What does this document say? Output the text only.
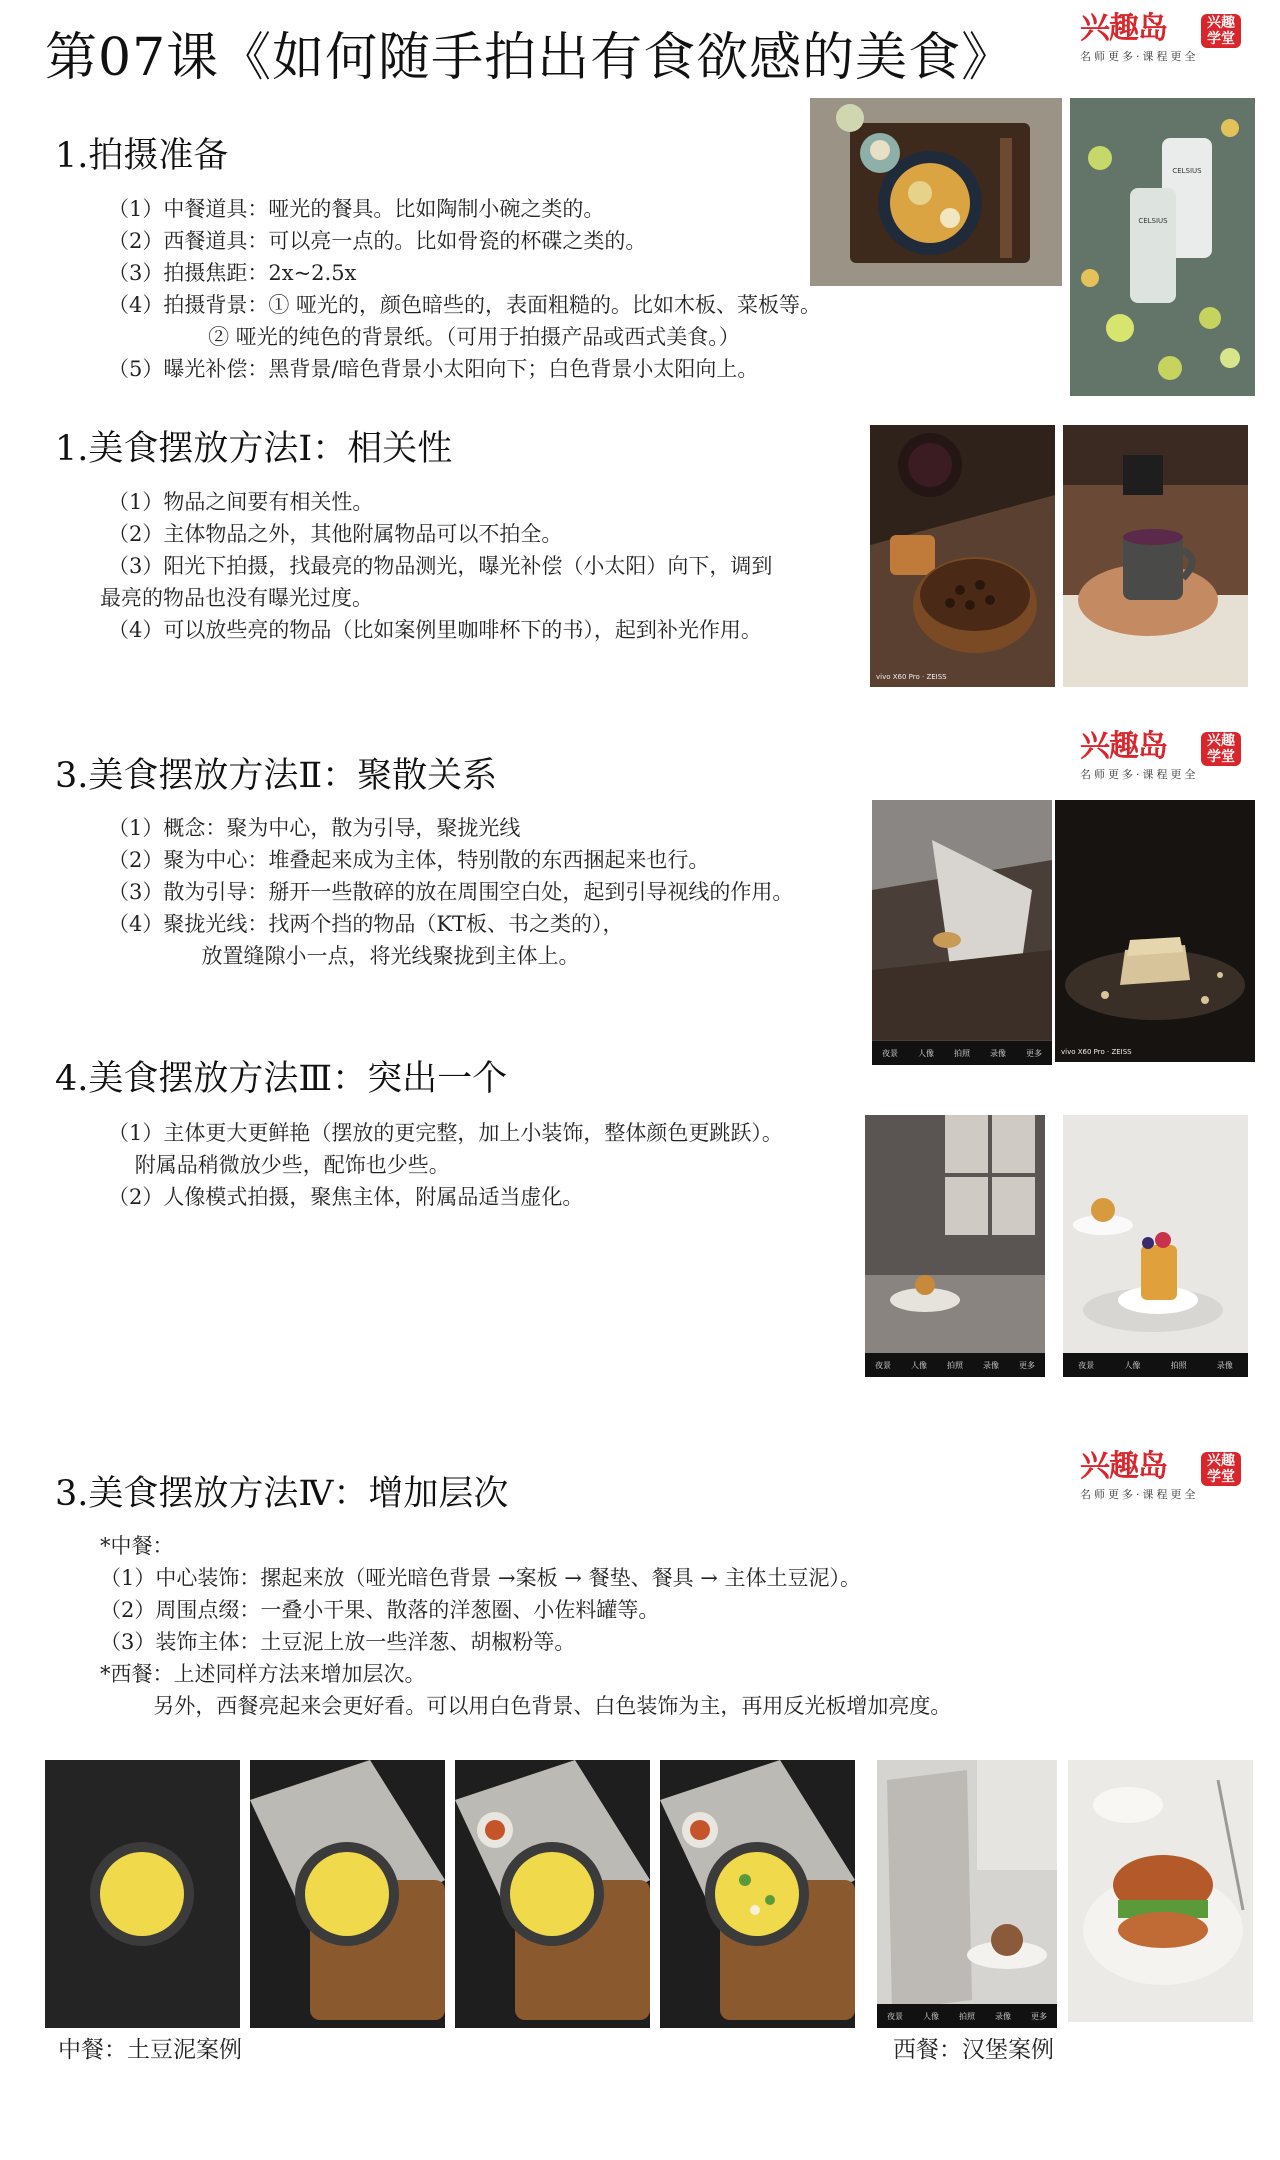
第07课《如何随手拍出有食欲感的美食》 兴趣岛	兴趣
学堂
名师更多·课程更全
1.拍摄准备
（1）中餐道具：哑光的餐具。比如陶制小碗之类的。
（2）西餐道具：可以亮一点的。比如骨瓷的杯碟之类的。
（3）拍摄焦距：2x~2.5x
（4）拍摄背景：① 哑光的，颜色暗些的，表面粗糙的。比如木板、菜板等。
② 哑光的纯色的背景纸。（可用于拍摄产品或西式美食。）
（5）曝光补偿：黑背景/暗色背景小太阳向下；白色背景小太阳向上。
CELSIUS
CELSIUS
1.美食摆放方法Ⅰ：相关性
（1）物品之间要有相关性。
（2）主体物品之外，其他附属物品可以不拍全。
（3）阳光下拍摄，找最亮的物品测光，曝光补偿（小太阳）向下，调到
最亮的物品也没有曝光过度。
（4）可以放些亮的物品（比如案例里咖啡杯下的书），起到补光作用。
vivo X60 Pro · ZEISS
兴趣岛	兴趣
学堂
名师更多·课程更全
3.美食摆放方法Ⅱ：聚散关系
（1）概念：聚为中心，散为引导，聚拢光线
（2）聚为中心：堆叠起来成为主体，特别散的东西捆起来也行。
（3）散为引导：掰开一些散碎的放在周围空白处，起到引导视线的作用。
（4）聚拢光线：找两个挡的物品（KT板、书之类的），
放置缝隙小一点，将光线聚拢到主体上。
夜景	人像	拍照	录像	更多	vivo X60 Pro · ZEISS
4.美食摆放方法Ⅲ：突出一个
（1）主体更大更鲜艳（摆放的更完整，加上小装饰，整体颜色更跳跃）。
附属品稍微放少些，配饰也少些。
（2）人像模式拍摄，聚焦主体，附属品适当虚化。
夜景	人像	拍照	录像	更多	夜景	人像	拍照	录像
兴趣岛	兴趣
学堂
名师更多·课程更全
3.美食摆放方法Ⅳ：增加层次
*中餐：
（1）中心装饰：摞起来放（哑光暗色背景 →案板 → 餐垫、餐具 → 主体土豆泥）。
（2）周围点缀：一叠小干果、散落的洋葱圈、小佐料罐等。
（3）装饰主体：土豆泥上放一些洋葱、胡椒粉等。
*西餐：上述同样方法来增加层次。
另外，西餐亮起来会更好看。可以用白色背景、白色装饰为主，再用反光板增加亮度。
夜景	人像	拍照	录像	更多
中餐：土豆泥案例	西餐：汉堡案例
